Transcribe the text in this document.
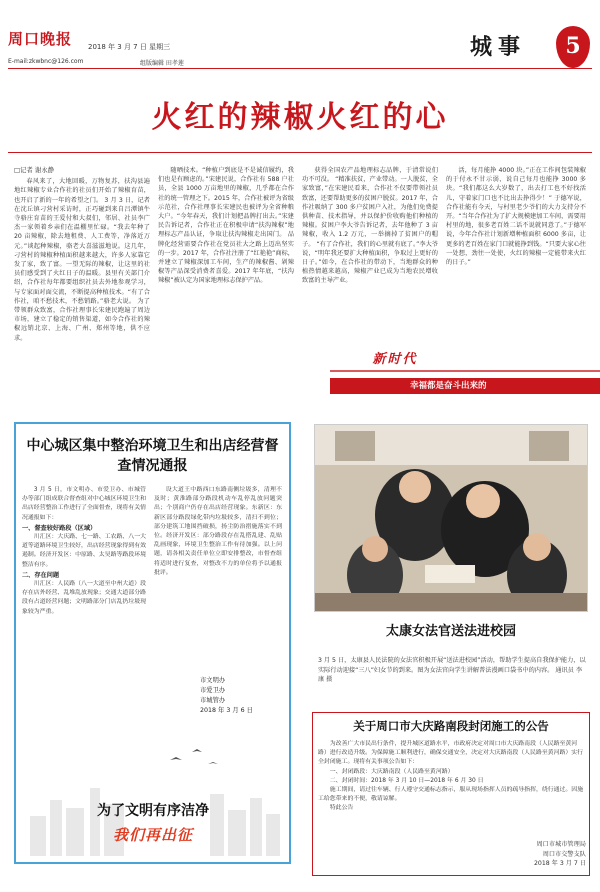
周口晚报 2018 年 3 月 7 日 星期三
E-mail:zkwbnc@126.com	组版编辑 田孝莲
城事	5
火红的辣椒火红的心
□记者 谢永静

春风来了，大地回暖，万物复苏，扶沟县遍地红辣椒专业合作社的社员们开始了辣椒育苗，也开启了新的一年的希望之门。 3 月 3 日，记者在沈丘镇刁营村采访时，正巧碰到来自吕潭镇牛寺骆庄育苗的王爱付和大叔们，邻居、社员李广杰一家领着乡亲们在温棚里忙碌。“我去年种了 20 亩辣椒，除去地租费、人工费等，净落近万元。”谈起种辣椒，骆老大喜滋滋地说。这几年，刁营村的辣椒种植面积越来越大，许多人家靠它发了家，致了富。一望无际的辣椒，让这里的社员们感受到了火红日子的温暖。县里有关部门介绍，合作社每年都要组织社员去外地参观学习，与专家面对面交流，不断提高种植技术。“有了合作社，咱不愁技术，不愁销路。”骆老大说。 为了带领群众致富，合作社理事长宋建民跑遍了周边市场，建立了稳定的销售渠道，如今合作社的辣椒远销北京、上海、广州、郑州等地，供不应求。

随晒技术。“种植户到底是不是诚信履约，我们也是有顾虑的。”宋建民说，合作社有 588 户社员，全县 1000 万亩地里的辣椒，几乎都在合作社的统一管理之下。2015 年，合作社被评为省级示范社，合作社理事长宋建民也被评为全省种粮大户。“今年春天，我们计划把品牌打出去。”宋建民告诉记者，合作社正在积极申请“扶沟辣椒”地理标志产品认证，争取让扶沟辣椒走出国门。 品牌化经营需要合作社在党员社大之路上迈出坚实的一步。2017 年，合作社注册了“红艳艳”商标，并建立了辣椒深加工车间，生产的辣椒酱、剁辣椒等产品深受消费者喜爱。2017 年年底，“扶沟辣椒”被认定为国家地理标志保护产品。

获得全国农产品地理标志品牌，于清常说们功不可没。 “精准扶贫，产业带动。一人脱贫，全家致富，”在宋建民看来，合作社不仅要带领社员致富，还要帮助更多的贫困户脱贫。2017 年，合作社吸纳了 300 多户贫困户入社，为他们免费提供种苗、技术指导，并以保护价收购他们种植的辣椒。贫困户李大爷告诉记者，去年他种了 3 亩辣椒，收入 1.2 万元，一举摘掉了贫困户的帽子。 “有了合作社，我们的心里就有底了。”李大爷说，“明年我还要扩大种植面积，争取过上更好的日子。”如今，在合作社的带动下，当地群众的种植热情越来越高，辣椒产业已成为当地农民增收致富的主导产业。

活，每月能挣 4000 块。”正在工作间包装辣椒的于付永不甘示弱，说自己每月也能挣 3000 多块。“我们都这么大岁数了，出去打工也不好找活儿，守着家门口也不比出去挣得少！” 于德军说，合作社能有今天，与村里老少爷们的大力支持分不开。“当年合作社为了扩大规模建加工车间，需要用村里的地，很多老百姓二话不说就同意了。”于德军说，今年合作社计划新增种植面积 6000 多亩，让更多的老百姓在家门口就能挣到钱。“只要大家心往一处想，劲往一处使，火红的辣椒一定能带来火红的日子。”

新时代
幸福都是奋斗出来的
中心城区集中整治环境卫生和出店经营督查情况通报

3 月 5 日，市文明办、市爱卫办、市城管办等部门组成联合督查组对中心城区环境卫生和出店经营整治工作进行了全面督查，现将有关情况通报如下：

一、督查较好路段（区域）

川汇区：大庆路、七一路、工农路、八一大道等道路环境卫生较好，出店经营现象得到有效遏制。经济开发区：中原路、太昊路等路段环境整洁有序。

二、存在问题

川汇区：人民路（八一大道至中州大道）段存在店外经营、乱堆乱放现象；交通大道部分路段有占道经营问题；文明路部分门店乱扔垃圾现象较为严重。

设大道王中路西口东路南侧垃圾多，清理不及时；黄淮路部分路段机动车乱停乱放问题突出；个别商户仍存在出店经营现象。东新区：东新区部分路段绿化带内垃圾较多，清扫不到位；部分建筑工地围挡破损，扬尘防治措施落实不到位。经济开发区：部分路段存在乱搭乱建、乱贴乱画现象，环境卫生整治工作有待加强。以上问题，请各相关责任单位立即安排整改，市督查组将适时进行复查，对整改不力的单位将予以通报批评。

市文明办
市爱卫办
市城管办
2018 年 3 月 6 日
为了文明有序洁净
我们再出征
太康女法官送法进校园
3 月 5 日，太康县人民法院的女法官积极开展“送法进校园”活动，帮助学生提高自我保护能力，以实际行动迎接“三八”妇女节的到来。图为女法官向学生讲解普法漫画口袋书中的内容。 通讯员 李康 摄
关于周口市大庆路南段封闭施工的公告

为改善广大市民出行条件，提升城区道路水平，市政府决定对周口市大庆路南段（人民路至黄河路）进行改造升级。为保障施工顺利进行，确保交通安全，决定对大庆路南段（人民路至黄河路）实行全封闭施工。现将有关事项公告如下：

一、封闭路段：大庆路南段（人民路至黄河路）

二、封闭时间：2018 年 3 月 10 日—2018 年 6 月 30 日

施工期间，请过往车辆、行人遵守交通标志指示，服从现场指挥人员的疏导指挥，绕行通过。因施工给您带来的不便，敬请谅解。

特此公告

周口市城市管理局
周口市交警支队
2018 年 3 月 7 日
